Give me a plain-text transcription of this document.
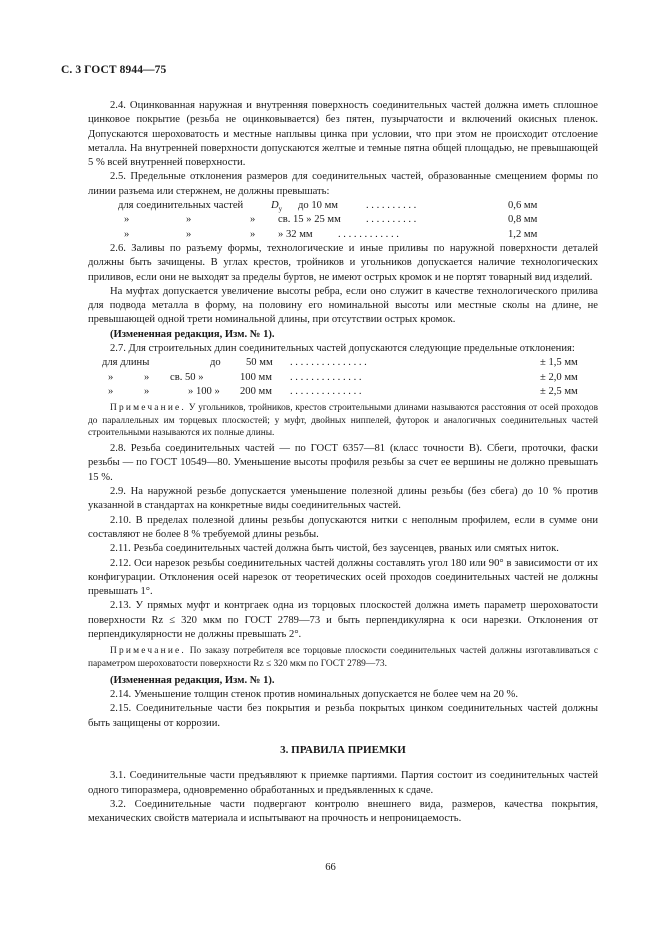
С. 3 ГОСТ 8944—75

2.4. Оцинкованная наружная и внутренняя поверхность соединительных частей должна иметь сплошное цинковое покрытие (резьба не оцинковывается) без пятен, пузырчатости и включений окисных пленок. Допускаются шероховатость и местные наплывы цинка при условии, что при этом не происходит отслоение металла. На внутренней поверхности допускаются желтые и темные пятна общей площадью, не превышающей 5 % всей внутренней поверхности.

2.5. Предельные отклонения размеров для соединительных частей, образованные смещением формы по линии разъема или стержнем, не должны превышать:

для соединительных частей	$D_у$ до 10 мм	. . . . . . . . . .	0,6 мм
»	»	» св. 15 » 25 мм . . . . . . . . . .	0,8 мм
»	»	» » 32 мм . . . . . . . . . . . .	1,2 мм

2.6. Заливы по разъему формы, технологические и иные приливы по наружной поверхности деталей должны быть зачищены. В углах крестов, тройников и угольников допускается наличие технологических приливов, если они не выходят за пределы буртов, не имеют острых кромок и не портят товарный вид изделий.

На муфтах допускается увеличение высоты ребра, если оно служит в качестве технологического прилива для подвода металла в форму, на половину его номинальной высоты или местные сколы на длине, не превышающей одной трети номинальной длины, при отсутствии острых кромок.

(Измененная редакция, Изм. № 1).

2.7. Для строительных длин соединительных частей допускаются следующие предельные отклонения:

для длины	до 50 мм . . . . . . . . . . . . . . .	± 1,5 мм
»	» св. 50 »	100 мм . . . . . . . . . . . . . .	± 2,0 мм
»	»	» 100 » 200 мм . . . . . . . . . . . . . .	± 2,5 мм

Примечание. У угольников, тройников, крестов строительными длинами называются расстояния от осей проходов до параллельных им торцевых плоскостей; у муфт, двойных ниппелей, футорок и аналогичных соединительных частей строительными называются их полные длины.

2.8. Резьба соединительных частей — по ГОСТ 6357—81 (класс точности В). Сбеги, проточки, фаски резьбы — по ГОСТ 10549—80. Уменьшение высоты профиля резьбы за счет ее вершины не должно превышать 15 %.

2.9. На наружной резьбе допускается уменьшение полезной длины резьбы (без сбега) до 10 % против указанной в стандартах на конкретные виды соединительных частей.

2.10. В пределах полезной длины резьбы допускаются нитки с неполным профилем, если в сумме они составляют не более 8 % требуемой длины резьбы.

2.11. Резьба соединительных частей должна быть чистой, без заусенцев, рваных или смятых ниток.

2.12. Оси нарезок резьбы соединительных частей должны составлять угол 180 или 90° в зависимости от их конфигурации. Отклонения осей нарезок от теоретических осей проходов соединительных частей не должны превышать 1°.

2.13. У прямых муфт и контргаек одна из торцовых плоскостей должна иметь параметр шероховатости поверхности Rz ≤ 320 мкм по ГОСТ 2789—73 и быть перпендикулярна к оси нарезки. Отклонения от перпендикулярности не должны превышать 2°.

Примечание. По заказу потребителя все торцовые плоскости соединительных частей должны изготавливаться с параметром шероховатости поверхности Rz ≤ 320 мкм по ГОСТ 2789—73.

(Измененная редакция, Изм. № 1).

2.14. Уменьшение толщин стенок против номинальных допускается не более чем на 20 %.

2.15. Соединительные части без покрытия и резьба покрытых цинком соединительных частей должны быть защищены от коррозии.

3. ПРАВИЛА ПРИЕМКИ

3.1. Соединительные части предъявляют к приемке партиями. Партия состоит из соединительных частей одного типоразмера, одновременно обработанных и предъявленных к сдаче.

3.2. Соединительные части подвергают контролю внешнего вида, размеров, качества покрытия, механических свойств материала и испытывают на прочность и непроницаемость.

66
